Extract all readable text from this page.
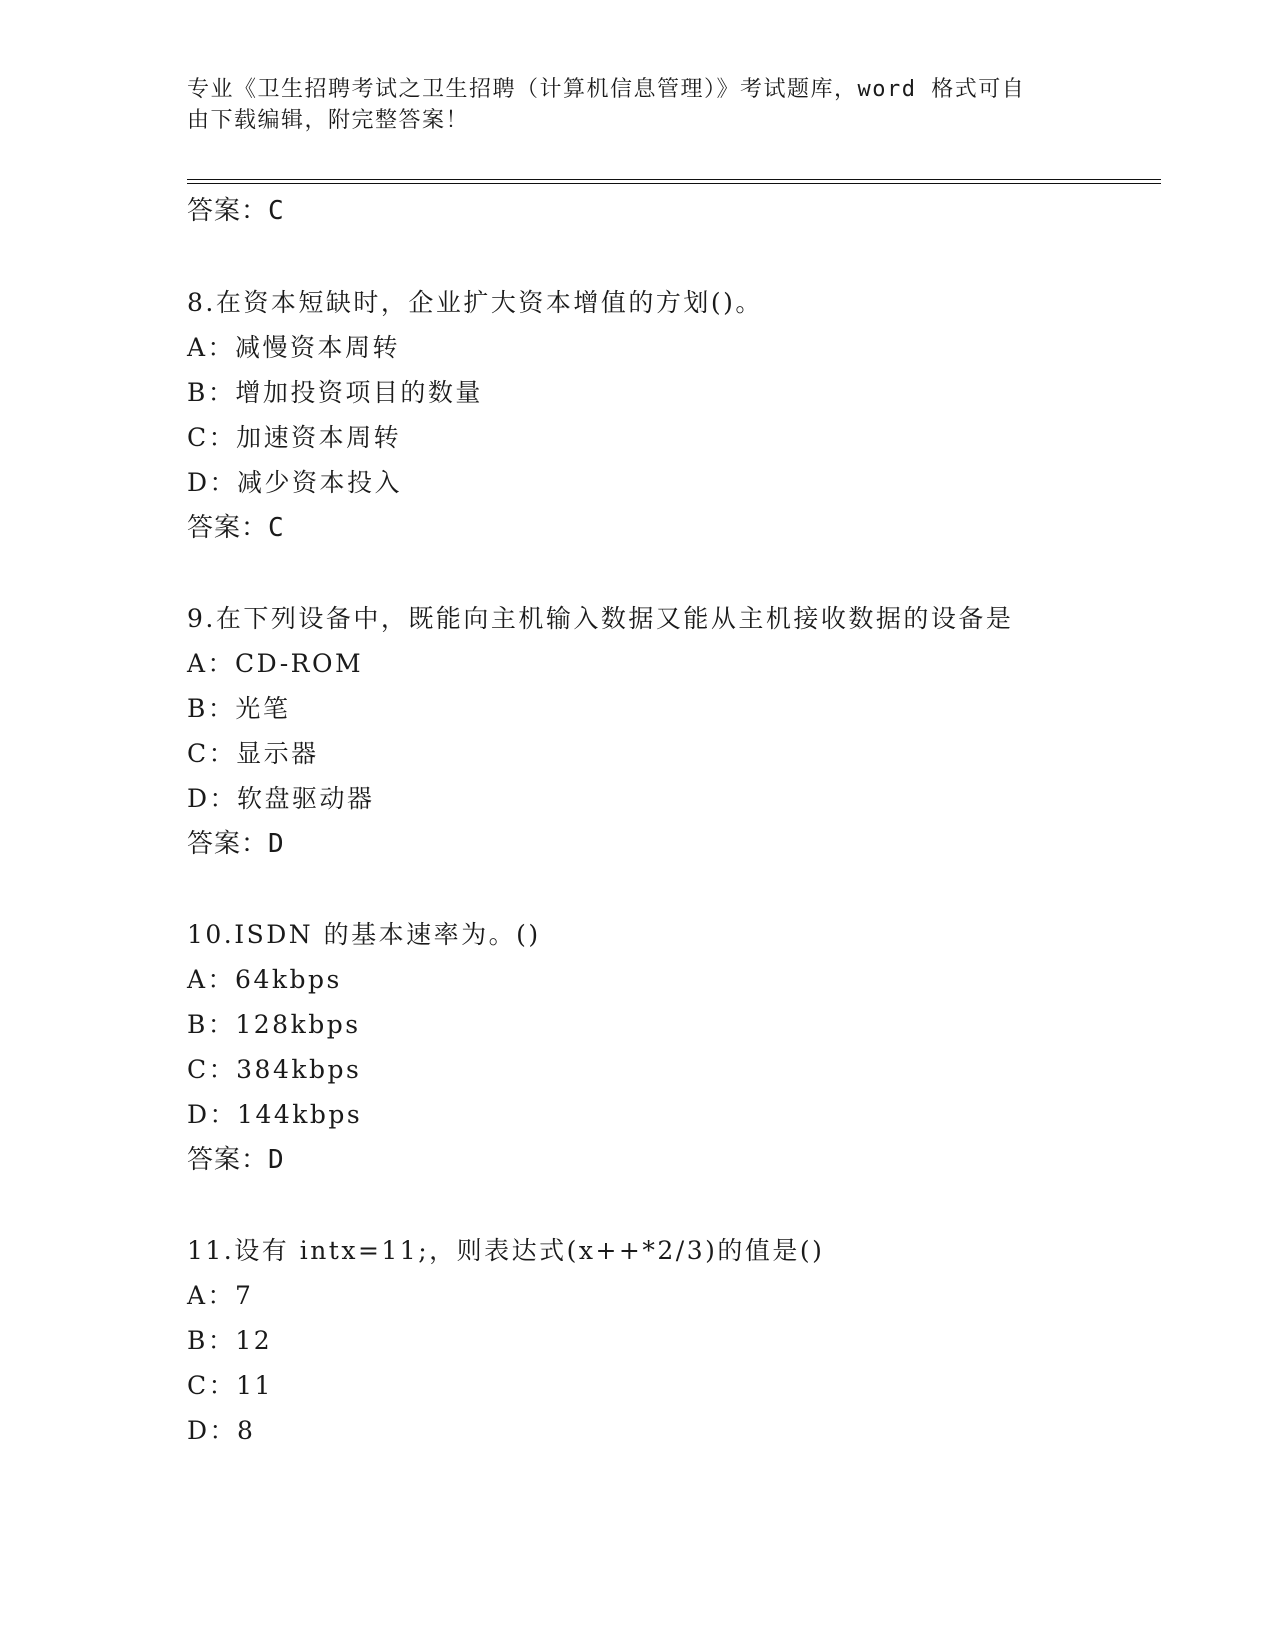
专业《卫生招聘考试之卫生招聘（计算机信息管理）》考试题库，word 格式可自
由下载编辑，附完整答案！
答案：C
8.在资本短缺时，企业扩大资本增值的方划()。
A：减慢资本周转
B：增加投资项目的数量
C：加速资本周转
D：减少资本投入
答案：C
9.在下列设备中，既能向主机输入数据又能从主机接收数据的设备是
A：CD-ROM
B：光笔
C：显示器
D：软盘驱动器
答案：D
10.ISDN 的基本速率为。()
A：64kbps
B：128kbps
C：384kbps
D：144kbps
答案：D
11.设有 intx=11;，则表达式(x++*2/3)的值是()
A：7
B：12
C：11
D：8
